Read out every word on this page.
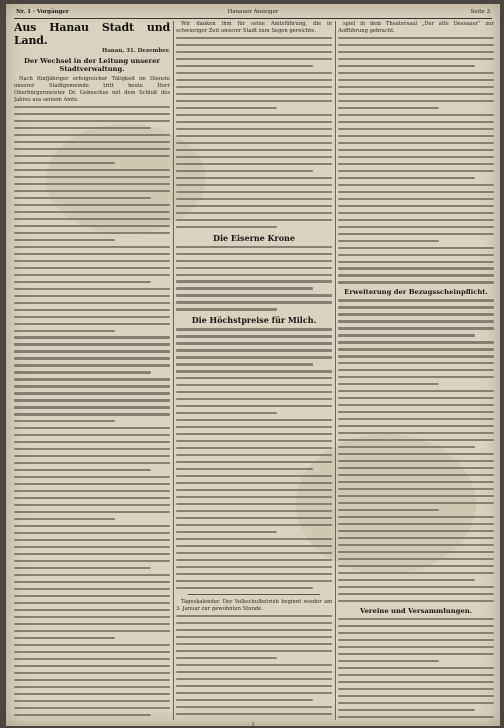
Nr. 1 · Vorgänger	Hanauer Anzeiger	Seite 3
Aus Hanau Stadt und Land.
Hanau, 31. Dezember.
Der Wechsel in der Leitung unserer Stadtverwaltung.

Nach fünfjähriger erfolgreicher Tätigkeit im Dienste unserer Stadtgemeinde tritt heute Herr Oberbürgermeister Dr. Gebeschus mit dem Schluß des Jahres aus seinem Amte.

Wir danken ihm für seine Amtsführung, die in schwieriger Zeit unserer Stadt zum Segen gereichte.

Die Eiserne Krone
Die Höchstpreise für Milch.

Tageskalender. Der Volkschulbetrieb beginnt wieder am 3. Januar zur gewohnten Stunde.

spiel in dem Theatersaal „Der alte Dessauer“ zur Aufführung gebracht.

Erweiterung der Bezugsscheinpflicht.
Vereine und Versammlungen.
3
